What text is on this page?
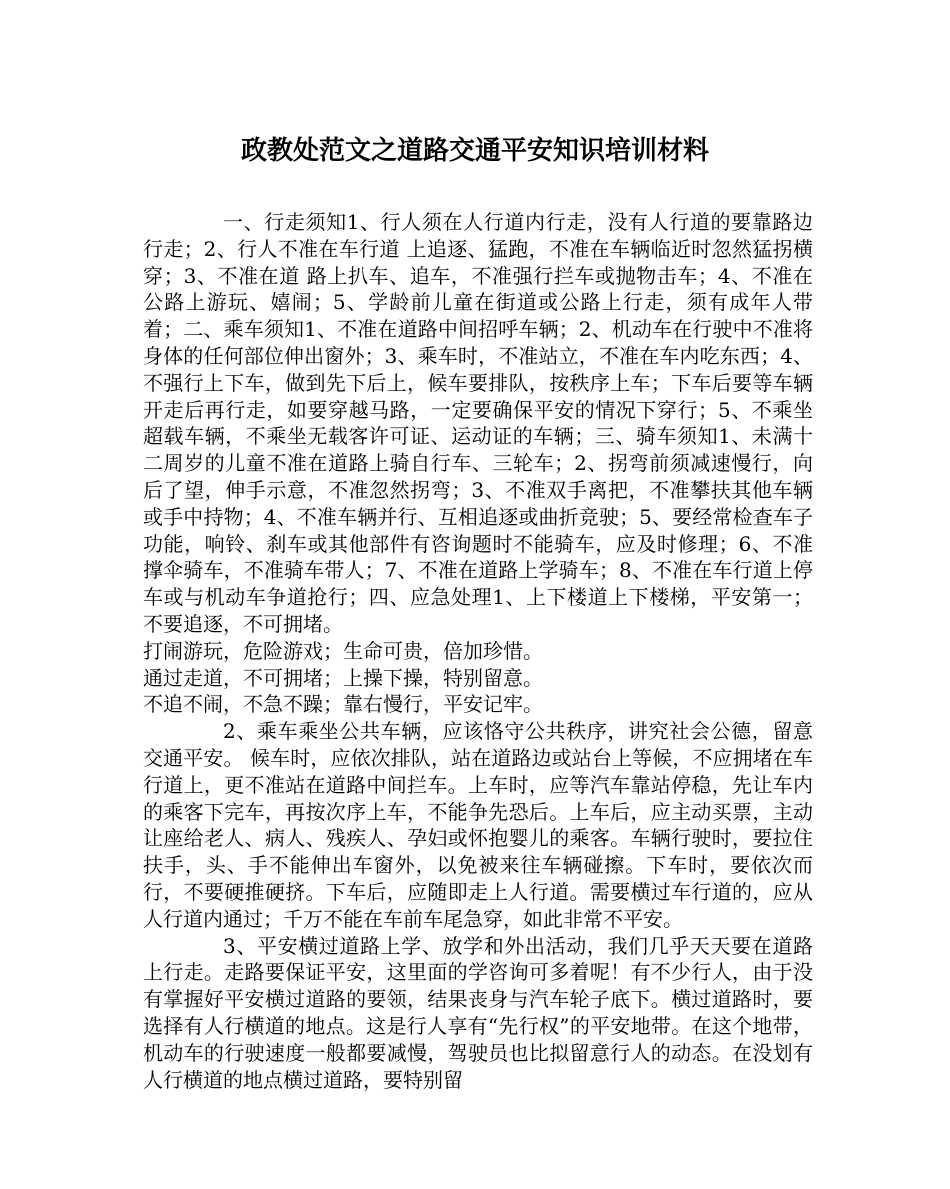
政教处范文之道路交通平安知识培训材料

一、行走须知1、行人须在人行道内行走，没有人行道的要靠路边行走；2、行人不准在车行道 上追逐、猛跑，不准在车辆临近时忽然猛拐横穿；3、不准在道 路上扒车、追车，不准强行拦车或抛物击车；4、不准在公路上游玩、嬉闹；5、学龄前儿童在街道或公路上行走，须有成年人带着；二、乘车须知1、不准在道路中间招呼车辆；2、机动车在行驶中不准将身体的任何部位伸出窗外；3、乘车时，不准站立，不准在车内吃东西；4、不强行上下车，做到先下后上，候车要排队，按秩序上车；下车后要等车辆开走后再行走，如要穿越马路，一定要确保平安的情况下穿行；5、不乘坐超载车辆，不乘坐无载客许可证、运动证的车辆；三、骑车须知1、未满十二周岁的儿童不准在道路上骑自行车、三轮车；2、拐弯前须减速慢行，向后了望，伸手示意，不准忽然拐弯；3、不准双手离把，不准攀扶其他车辆或手中持物；4、不准车辆并行、互相追逐或曲折竞驶；5、要经常检查车子功能，响铃、刹车或其他部件有咨询题时不能骑车，应及时修理；6、不准撑伞骑车，不准骑车带人；7、不准在道路上学骑车；8、不准在车行道上停车或与机动车争道抢行；四、应急处理1、上下楼道上下楼梯，平安第一；不要追逐，不可拥堵。

打闹游玩，危险游戏；生命可贵，倍加珍惜。

通过走道，不可拥堵；上操下操，特别留意。

不追不闹，不急不躁；靠右慢行，平安记牢。

2、乘车乘坐公共车辆，应该恪守公共秩序，讲究社会公德，留意交通平安。 候车时，应依次排队，站在道路边或站台上等候，不应拥堵在车行道上，更不准站在道路中间拦车。上车时，应等汽车靠站停稳，先让车内的乘客下完车，再按次序上车，不能争先恐后。上车后，应主动买票，主动让座给老人、病人、残疾人、孕妇或怀抱婴儿的乘客。车辆行驶时，要拉住扶手，头、手不能伸出车窗外，以免被来往车辆碰擦。下车时，要依次而行，不要硬推硬挤。下车后，应随即走上人行道。需要横过车行道的，应从人行道内通过；千万不能在车前车尾急穿，如此非常不平安。

3、平安横过道路上学、放学和外出活动，我们几乎天天要在道路上行走。走路要保证平安，这里面的学咨询可多着呢！有不少行人，由于没有掌握好平安横过道路的要领，结果丧身与汽车轮子底下。横过道路时，要选择有人行横道的地点。这是行人享有“先行权”的平安地带。在这个地带，机动车的行驶速度一般都要减慢，驾驶员也比拟留意行人的动态。在没划有人行横道的地点横过道路，要特别留
